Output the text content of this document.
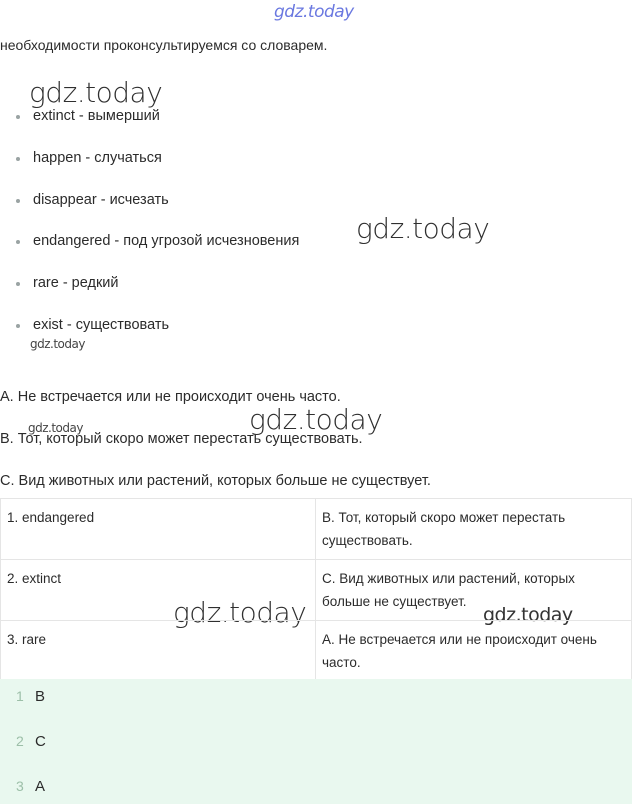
gdz.today
gdz.today
gdz.today
gdz.today
gdz.today
gdz.today
gdz.today	gdz.today
необходимости проконсультируемся со словарем.
extinct - вымерший
happen - случаться
disappear - исчезать
endangered - под угрозой исчезновения
rare - редкий
exist - существовать
A. Не встречается или не происходит очень часто.
B. Тот, который скоро может перестать существовать.
C. Вид животных или растений, которых больше не существует.
1. endangered	B. Тот, который скоро может перестать существовать.
2. extinct	C. Вид животных или растений, которых больше не существует.
3. rare	A. Не встречается или не происходит очень часто.
1 B
2 C
3 A
